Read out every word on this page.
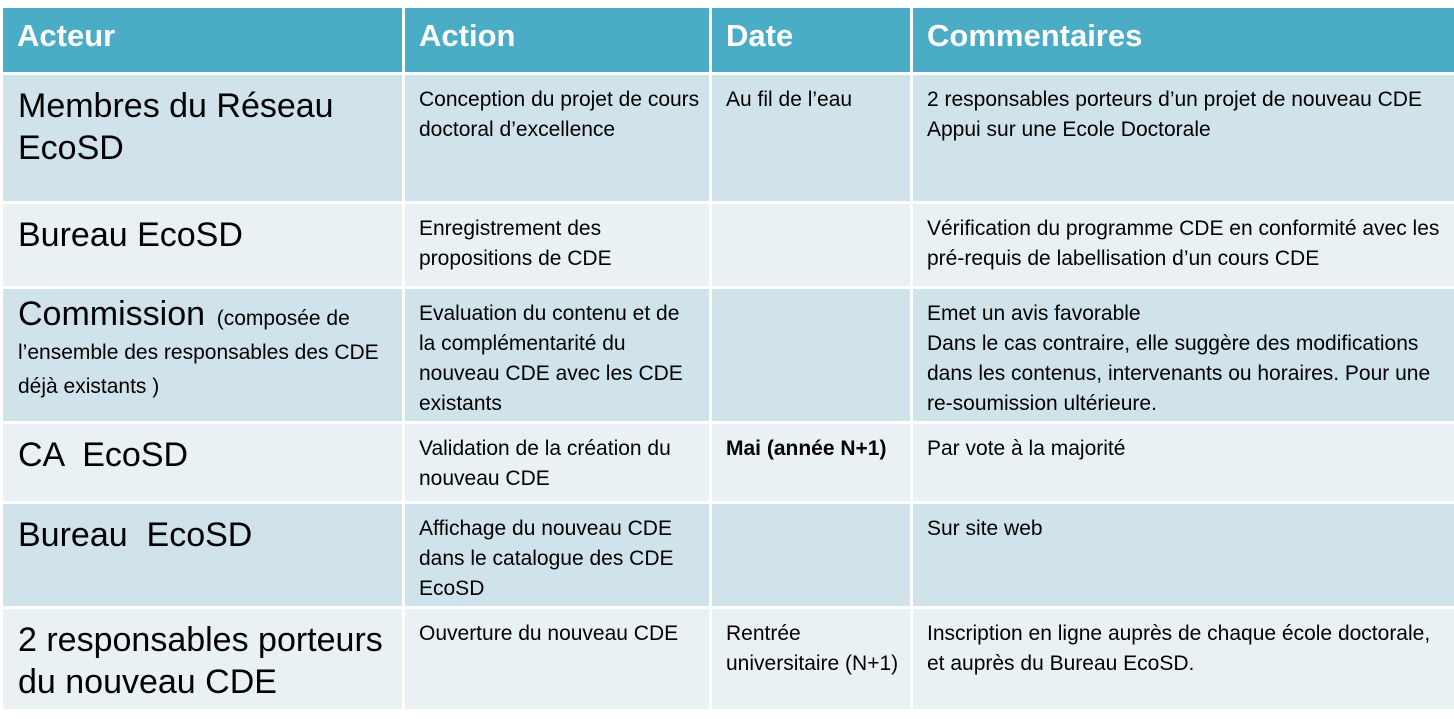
Acteur	Action	Date	Commentaires

Membres du Réseau EcoSD	Conception du projet de cours doctoral d’excellence	Au fil de l’eau	2 responsables porteurs d’un projet de nouveau CDE
Appui sur une Ecole Doctorale

Bureau EcoSD	Enregistrement des propositions de CDE		Vérification du programme CDE en conformité avec les pré-requis de labellisation d’un cours CDE

Commission (composée de l’ensemble des responsables des CDE déjà existants )	Evaluation du contenu et de la complémentarité du nouveau CDE avec les CDE existants		Emet un avis favorable
Dans le cas contraire, elle suggère des modifications dans les contenus, intervenants ou horaires. Pour une re-soumission ultérieure.

CA  EcoSD	Validation de la création du nouveau CDE	Mai (année N+1)	Par vote à la majorité

Bureau  EcoSD	Affichage du nouveau CDE dans le catalogue des CDE EcoSD		Sur site web

2 responsables porteurs du nouveau CDE	Ouverture du nouveau CDE	Rentrée universitaire (N+1)	Inscription en ligne auprès de chaque école doctorale, et auprès du Bureau EcoSD.
